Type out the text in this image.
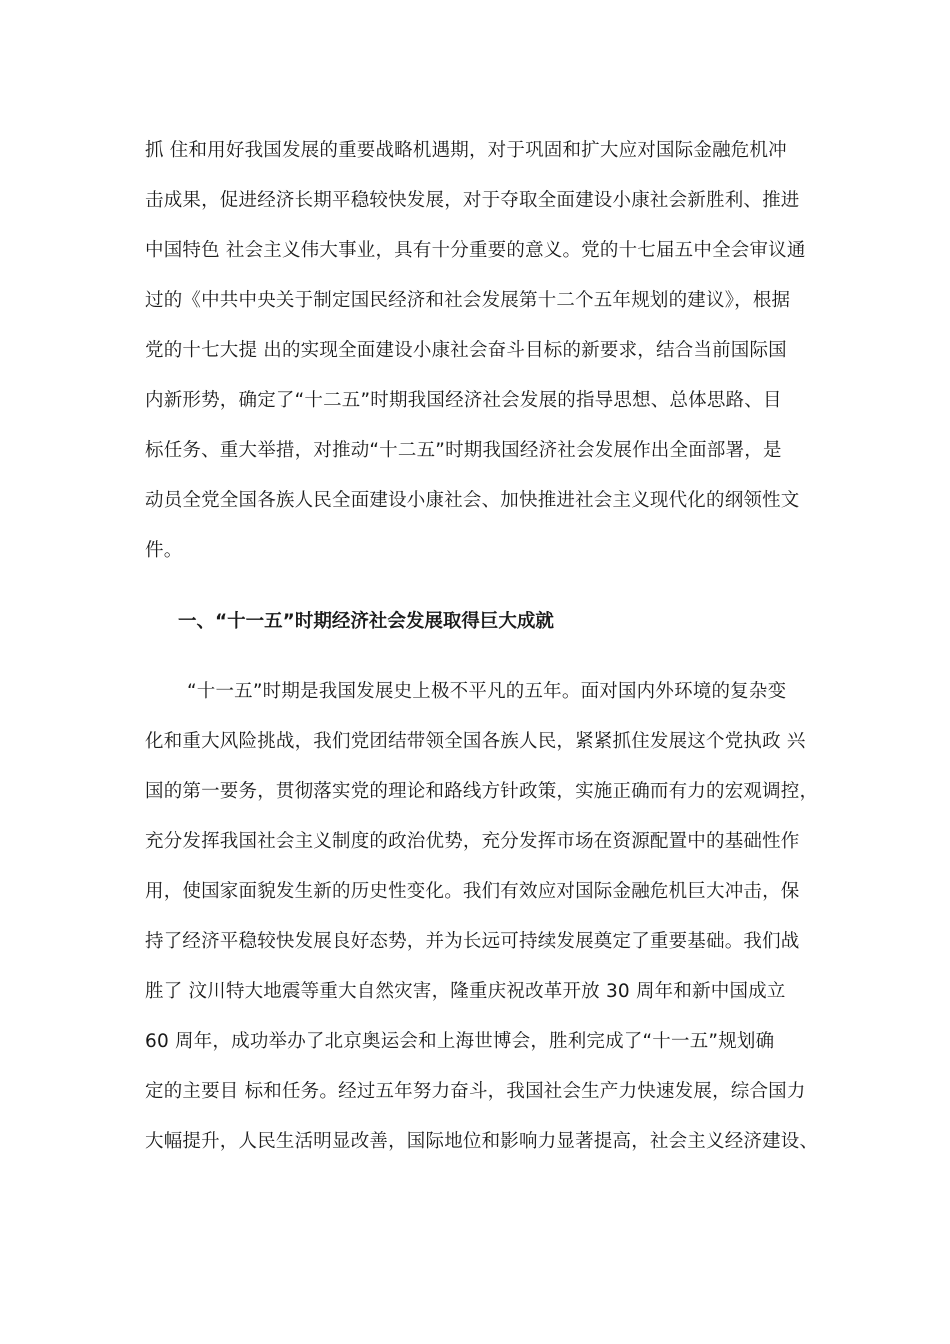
抓 住和用好我国发展的重要战略机遇期，对于巩固和扩大应对国际金融危机冲
击成果，促进经济长期平稳较快发展，对于夺取全面建设小康社会新胜利、推进
中国特色 社会主义伟大事业，具有十分重要的意义。党的十七届五中全会审议通
过的《中共中央关于制定国民经济和社会发展第十二个五年规划的建议》，根据
党的十七大提 出的实现全面建设小康社会奋斗目标的新要求，结合当前国际国
内新形势，确定了“十二五”时期我国经济社会发展的指导思想、总体思路、目
标任务、重大举措，对推动“十二五”时期我国经济社会发展作出全面部署，是
动员全党全国各族人民全面建设小康社会、加快推进社会主义现代化的纲领性文
件。
一、“十一五”时期经济社会发展取得巨大成就
“十一五”时期是我国发展史上极不平凡的五年。面对国内外环境的复杂变
化和重大风险挑战，我们党团结带领全国各族人民，紧紧抓住发展这个党执政 兴
国的第一要务，贯彻落实党的理论和路线方针政策，实施正确而有力的宏观调控，
充分发挥我国社会主义制度的政治优势，充分发挥市场在资源配置中的基础性作
用，使国家面貌发生新的历史性变化。我们有效应对国际金融危机巨大冲击，保
持了经济平稳较快发展良好态势，并为长远可持续发展奠定了重要基础。我们战
胜了 汶川特大地震等重大自然灾害，隆重庆祝改革开放 30 周年和新中国成立
60 周年，成功举办了北京奥运会和上海世博会，胜利完成了“十一五”规划确
定的主要目 标和任务。经过五年努力奋斗，我国社会生产力快速发展，综合国力
大幅提升，人民生活明显改善，国际地位和影响力显著提高，社会主义经济建设、
